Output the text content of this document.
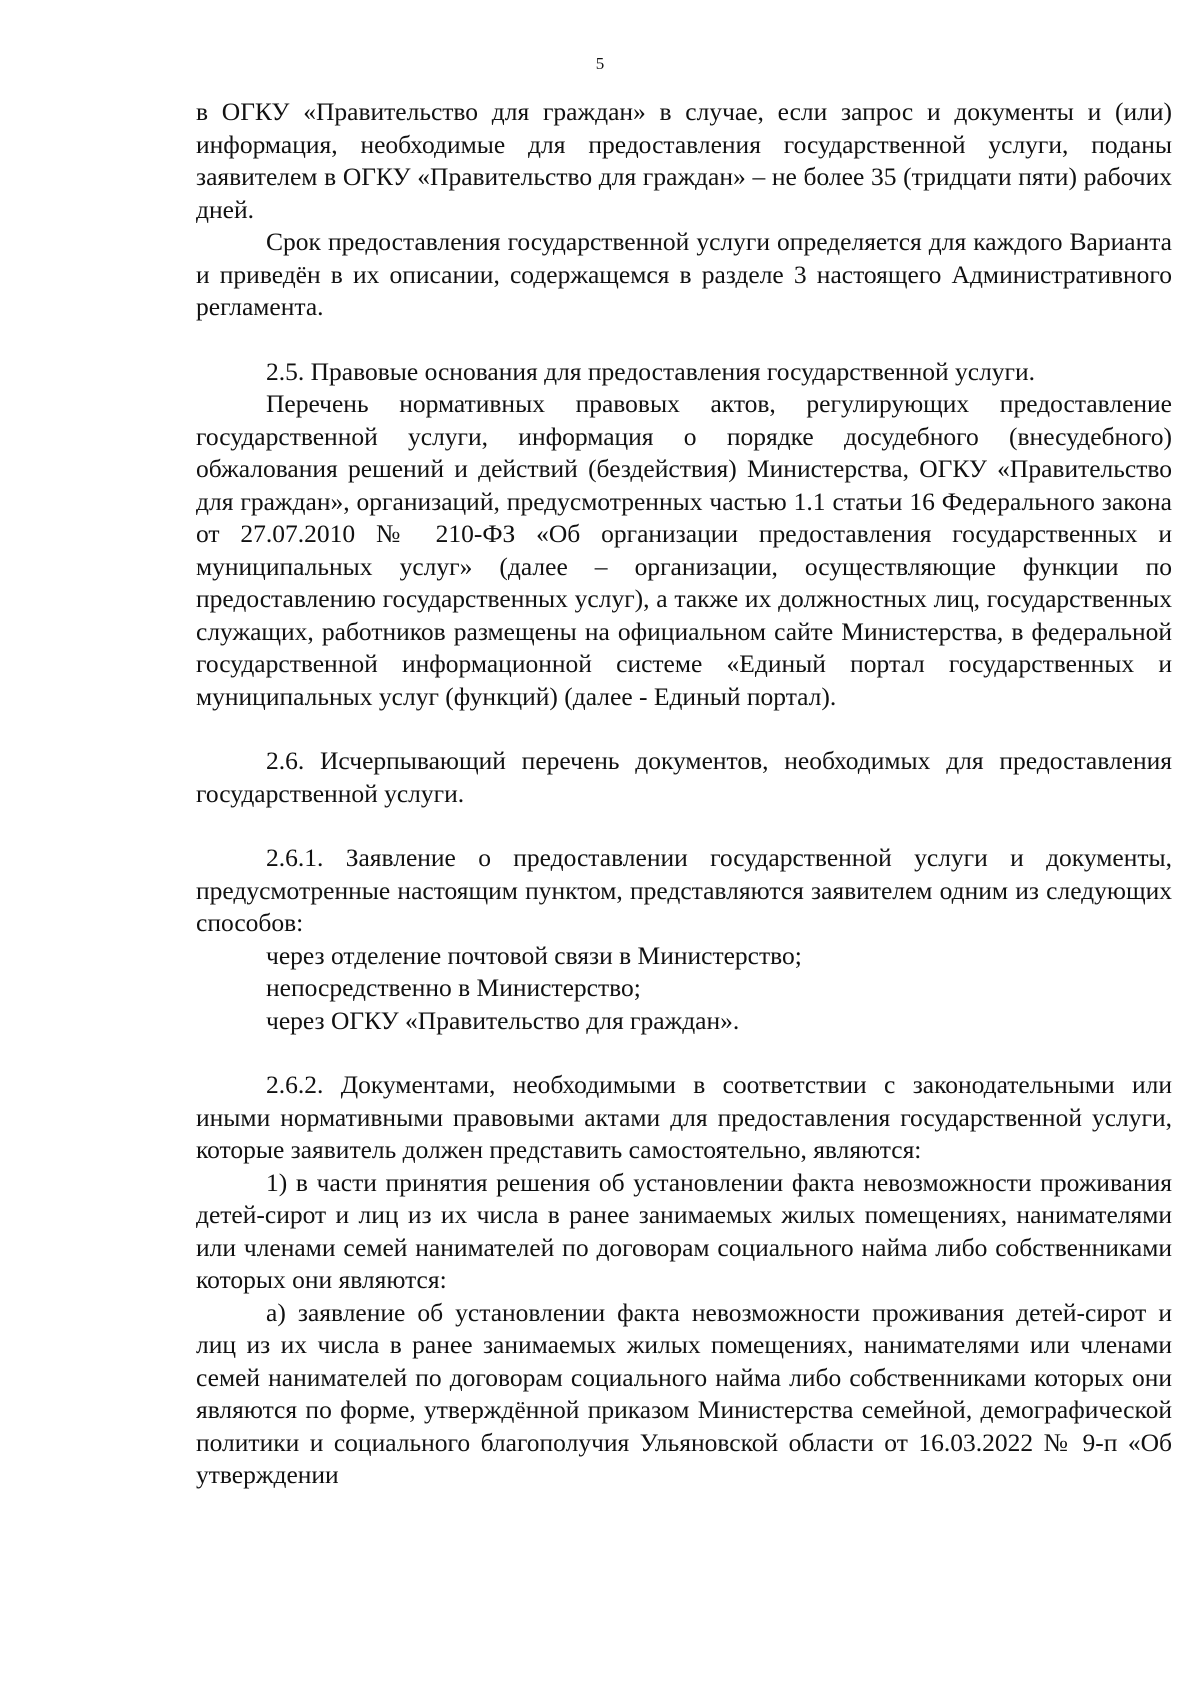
5

в ОГКУ «Правительство для граждан» в случае, если запрос и документы и (или) информация, необходимые для предоставления государственной услуги, поданы заявителем в ОГКУ «Правительство для граждан» – не более 35 (тридцати пяти) рабочих дней.

Срок предоставления государственной услуги определяется для каждого Варианта и приведён в их описании, содержащемся в разделе 3 настоящего Административного регламента.

2.5. Правовые основания для предоставления государственной услуги.

Перечень нормативных правовых актов, регулирующих предоставление государственной услуги, информация о порядке досудебного (внесудебного) обжалования решений и действий (бездействия) Министерства, ОГКУ «Правительство для граждан», организаций, предусмотренных частью 1.1 статьи 16 Федерального закона от 27.07.2010 № 210-ФЗ «Об организации предоставления государственных и муниципальных услуг» (далее – организации, осуществляющие функции по предоставлению государственных услуг), а также их должностных лиц, государственных служащих, работников размещены на официальном сайте Министерства, в федеральной государственной информационной системе «Единый портал государственных и муниципальных услуг (функций) (далее - Единый портал).

2.6. Исчерпывающий перечень документов, необходимых для предоставления государственной услуги.

2.6.1. Заявление о предоставлении государственной услуги и документы, предусмотренные настоящим пунктом, представляются заявителем одним из следующих способов:

через отделение почтовой связи в Министерство;

непосредственно в Министерство;

через ОГКУ «Правительство для граждан».

2.6.2. Документами, необходимыми в соответствии с законодательными или иными нормативными правовыми актами для предоставления государственной услуги, которые заявитель должен представить самостоятельно, являются:

1) в части принятия решения об установлении факта невозможности проживания детей-сирот и лиц из их числа в ранее занимаемых жилых помещениях, нанимателями или членами семей нанимателей по договорам социального найма либо собственниками которых они являются:

а) заявление об установлении факта невозможности проживания детей-сирот и лиц из их числа в ранее занимаемых жилых помещениях, нанимателями или членами семей нанимателей по договорам социального найма либо собственниками которых они являются по форме, утверждённой приказом Министерства семейной, демографической политики и социального благополучия Ульяновской области от 16.03.2022 № 9-п «Об утверждении
